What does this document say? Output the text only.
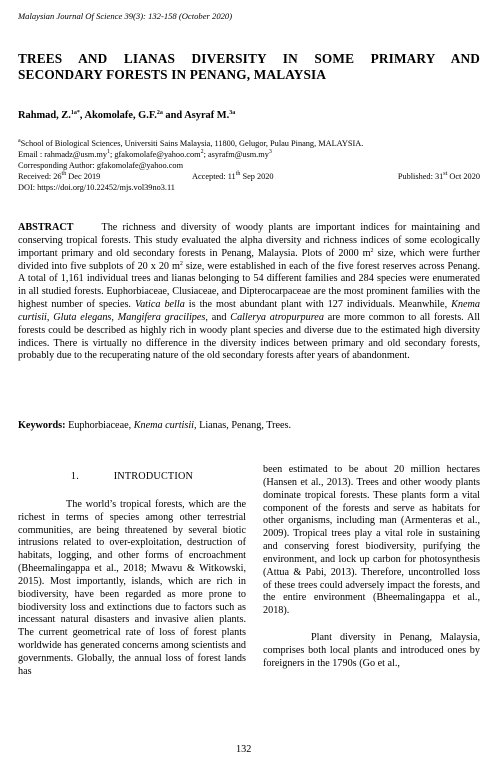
Malaysian Journal Of Science 39(3): 132-158 (October 2020)
TREES AND LIANAS DIVERSITY IN SOME PRIMARY AND
SECONDARY FORESTS IN PENANG, MALAYSIA
Rahmad, Z.$^{1a*}$, Akomolafe, G.F.$^{2a}$ and Asyraf M.$^{3a}$
$^a$School of Biological Sciences, Universiti Sains Malaysia, 11800, Gelugor, Pulau Pinang, MALAYSIA.
Email : $rahmadz@usm.my^1$; gfakomolafe@yahoo.com$^2$; $asyrafm@usm.my^3$
Corresponding Author: gfakomolafe@yahoo.com
Received: 26th Dec 2019	Accepted: 11th Sep 2020	Published: 31st Oct 2020
DOI: https://doi.org/10.22452/mjs.vol39no3.11
ABSTRACT	The richness and diversity of woody plants are important indices for maintaining and conserving tropical forests. This study evaluated the alpha diversity and richness indices of some ecologically important primary and old secondary forests in Penang, Malaysia. Plots of 2000 $m^2$ size, which were further divided into five subplots of 20 x 20 $m^2$ size, were established in each of the five forest reserves across Penang. A total of 1,161 individual trees and lianas belonging to 54 different families and 284 species were enumerated in all studied forests. Euphorbiaceae, Clusiaceae, and Dipterocarpaceae are the most prominent families with the highest number of species. Vatica bella is the most abundant plant with 127 individuals. Meanwhile, Knema curtisii, Gluta elegans, Mangifera gracilipes, and Callerya atropurpurea are more common to all forests. All forests could be described as highly rich in woody plant species and diverse due to the estimated high diversity indices. There is virtually no difference in the diversity indices between primary and old secondary forests, probably due to the recuperating nature of the old secondary forests after years of abandonment.
Keywords: Euphorbiaceae, Knema curtisii, Lianas, Penang, Trees.
1.	INTRODUCTION
The world’s tropical forests, which are the richest in terms of species among other terrestrial communities, are being threatened by several biotic intrusions related to over-exploitation, destruction of habitats, logging, and other forms of encroachment (Bheemalingappa et al., 2018; Mwavu & Witkowski, 2015). Most importantly, islands, which are rich in biodiversity, have been regarded as more prone to biodiversity loss and extinctions due to factors such as incessant natural disasters and invasive alien plants. The current geometrical rate of loss of forest plants worldwide has generated concerns among scientists and governments. Globally, the annual loss of forest lands has
been estimated to be about 20 million hectares (Hansen et al., 2013). Trees and other woody plants dominate tropical forests. These plants form a vital component of the forests and serve as habitats for other organisms, including man (Armenteras et al., 2009). Tropical trees play a vital role in sustaining and conserving forest biodiversity, purifying the environment, and lock up carbon for photosynthesis (Attua & Pabi, 2013). Therefore, uncontrolled loss of these trees could adversely impact the forests, and the entire environment (Bheemalingappa et al., 2018).
Plant diversity in Penang, Malaysia, comprises both local plants and introduced ones by foreigners in the 1790s (Go et al.,
132
